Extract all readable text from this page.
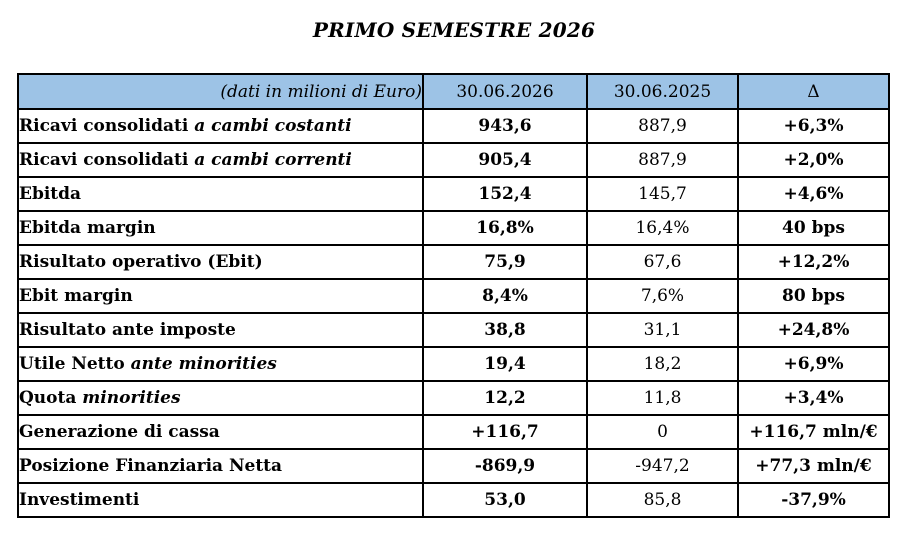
PRIMO SEMESTRE 2026
(dati in milioni di Euro)	30.06.2026	30.06.2025	Δ
Ricavi consolidati a cambi costanti	943,6	887,9	+6,3%
Ricavi consolidati a cambi correnti	905,4	887,9	+2,0%
Ebitda	152,4	145,7	+4,6%
Ebitda margin	16,8%	16,4%	40 bps
Risultato operativo (Ebit)	75,9	67,6	+12,2%
Ebit margin	8,4%	7,6%	80 bps
Risultato ante imposte	38,8	31,1	+24,8%
Utile Netto ante minorities	19,4	18,2	+6,9%
Quota minorities	12,2	11,8	+3,4%
Generazione di cassa	+116,7	0	+116,7 mln/€
Posizione Finanziaria Netta	-869,9	-947,2	+77,3 mln/€
Investimenti	53,0	85,8	-37,9%
